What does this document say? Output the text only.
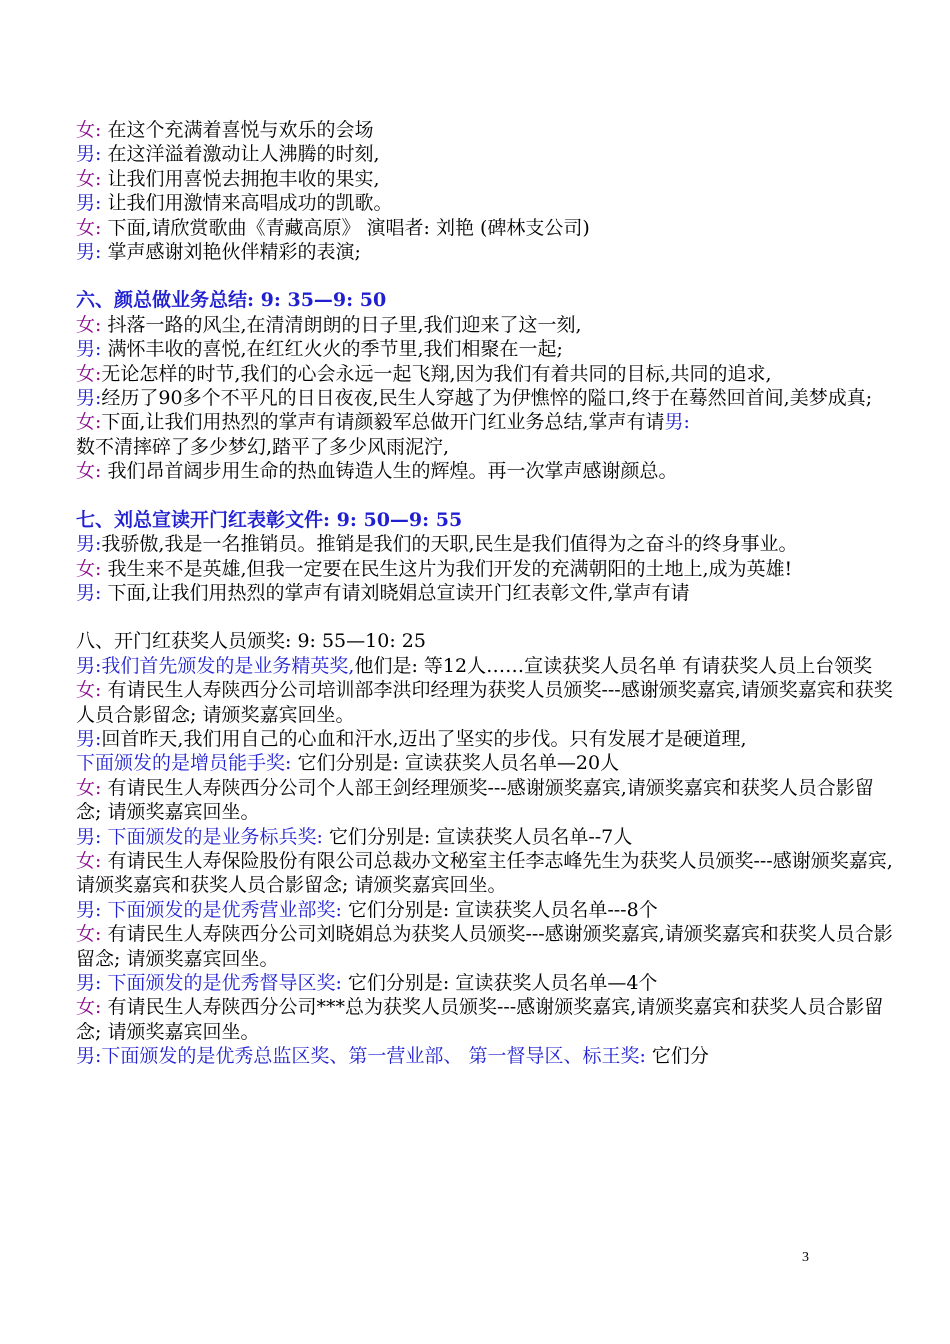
女: 在这个充满着喜悦与欢乐的会场
男: 在这洋溢着激动让人沸腾的时刻,
女: 让我们用喜悦去拥抱丰收的果实,
男: 让我们用激情来高唱成功的凯歌。
女: 下面,请欣赏歌曲《青藏高原》 演唱者: 刘艳 (碑林支公司)
男: 掌声感谢刘艳伙伴精彩的表演;
六、颜总做业务总结: 9: 35—9: 50
女: 抖落一路的风尘,在清清朗朗的日子里,我们迎来了这一刻,
男: 满怀丰收的喜悦,在红红火火的季节里,我们相聚在一起;
女:无论怎样的时节,我们的心会永远一起飞翔,因为我们有着共同的目标,共同的追求,
男:经历了90多个不平凡的日日夜夜,民生人穿越了为伊憔悴的隘口,终于在蓦然回首间,美梦成真;
女:下面,让我们用热烈的掌声有请颜毅军总做开门红业务总结,掌声有请男:
数不清摔碎了多少梦幻,踏平了多少风雨泥泞,
女: 我们昂首阔步用生命的热血铸造人生的辉煌。再一次掌声感谢颜总。
七、刘总宣读开门红表彰文件: 9: 50—9: 55
男:我骄傲,我是一名推销员。推销是我们的天职,民生是我们值得为之奋斗的终身事业。
女: 我生来不是英雄,但我一定要在民生这片为我们开发的充满朝阳的土地上,成为英雄!
男: 下面,让我们用热烈的掌声有请刘晓娟总宣读开门红表彰文件,掌声有请
八、开门红获奖人员颁奖: 9: 55—10: 25
男:我们首先颁发的是业务精英奖,他们是: 等12人……宣读获奖人员名单 有请获奖人员上台领奖
女: 有请民生人寿陕西分公司培训部李洪印经理为获奖人员颁奖---感谢颁奖嘉宾,请颁奖嘉宾和获奖人员合影留念; 请颁奖嘉宾回坐。
男:回首昨天,我们用自己的心血和汗水,迈出了坚实的步伐。只有发展才是硬道理,
下面颁发的是增员能手奖: 它们分别是: 宣读获奖人员名单—20人
女: 有请民生人寿陕西分公司个人部王剑经理颁奖---感谢颁奖嘉宾,请颁奖嘉宾和获奖人员合影留念; 请颁奖嘉宾回坐。
男: 下面颁发的是业务标兵奖: 它们分别是: 宣读获奖人员名单--7人
女: 有请民生人寿保险股份有限公司总裁办文秘室主任李志峰先生为获奖人员颁奖---感谢颁奖嘉宾,请颁奖嘉宾和获奖人员合影留念; 请颁奖嘉宾回坐。
男: 下面颁发的是优秀营业部奖: 它们分别是: 宣读获奖人员名单---8个
女: 有请民生人寿陕西分公司刘晓娟总为获奖人员颁奖---感谢颁奖嘉宾,请颁奖嘉宾和获奖人员合影留念; 请颁奖嘉宾回坐。
男: 下面颁发的是优秀督导区奖: 它们分别是: 宣读获奖人员名单—4个
女: 有请民生人寿陕西分公司***总为获奖人员颁奖---感谢颁奖嘉宾,请颁奖嘉宾和获奖人员合影留念; 请颁奖嘉宾回坐。
男:下面颁发的是优秀总监区奖、第一营业部、 第一督导区、标王奖: 它们分
3
